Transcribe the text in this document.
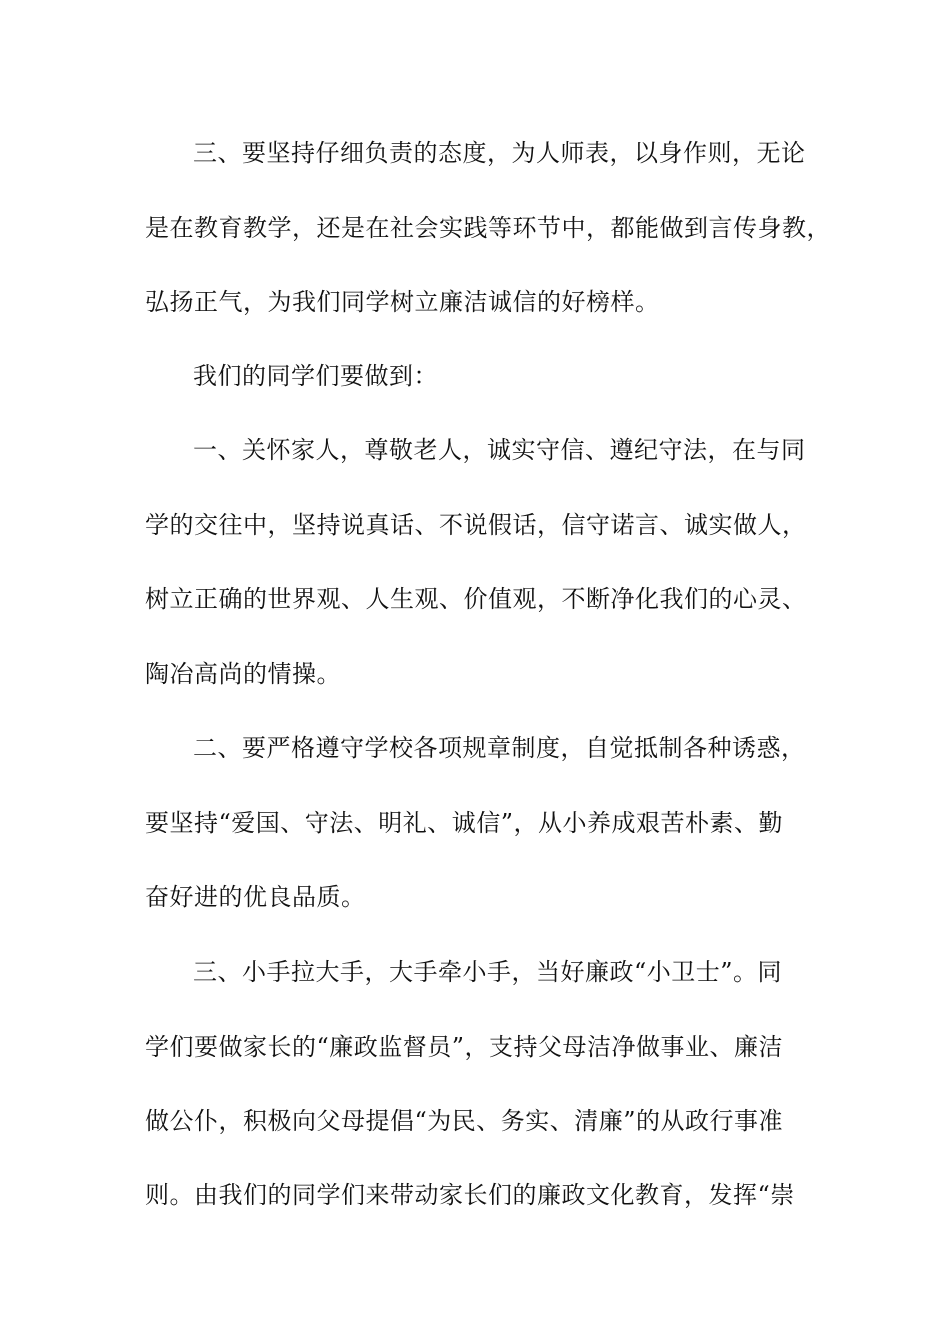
三、要坚持仔细负责的态度，为人师表，以身作则，无论
是在教育教学，还是在社会实践等环节中，都能做到言传身教，
弘扬正气，为我们同学树立廉洁诚信的好榜样。
我们的同学们要做到：
一、关怀家人，尊敬老人，诚实守信、遵纪守法，在与同
学的交往中，坚持说真话、不说假话，信守诺言、诚实做人，
树立正确的世界观、人生观、价值观，不断净化我们的心灵、
陶冶高尚的情操。
二、要严格遵守学校各项规章制度，自觉抵制各种诱惑，
要坚持“爱国、守法、明礼、诚信”，从小养成艰苦朴素、勤
奋好进的优良品质。
三、小手拉大手，大手牵小手，当好廉政“小卫士”。同
学们要做家长的“廉政监督员”，支持父母洁净做事业、廉洁
做公仆，积极向父母提倡“为民、务实、清廉”的从政行事准
则。由我们的同学们来带动家长们的廉政文化教育，发挥“崇
